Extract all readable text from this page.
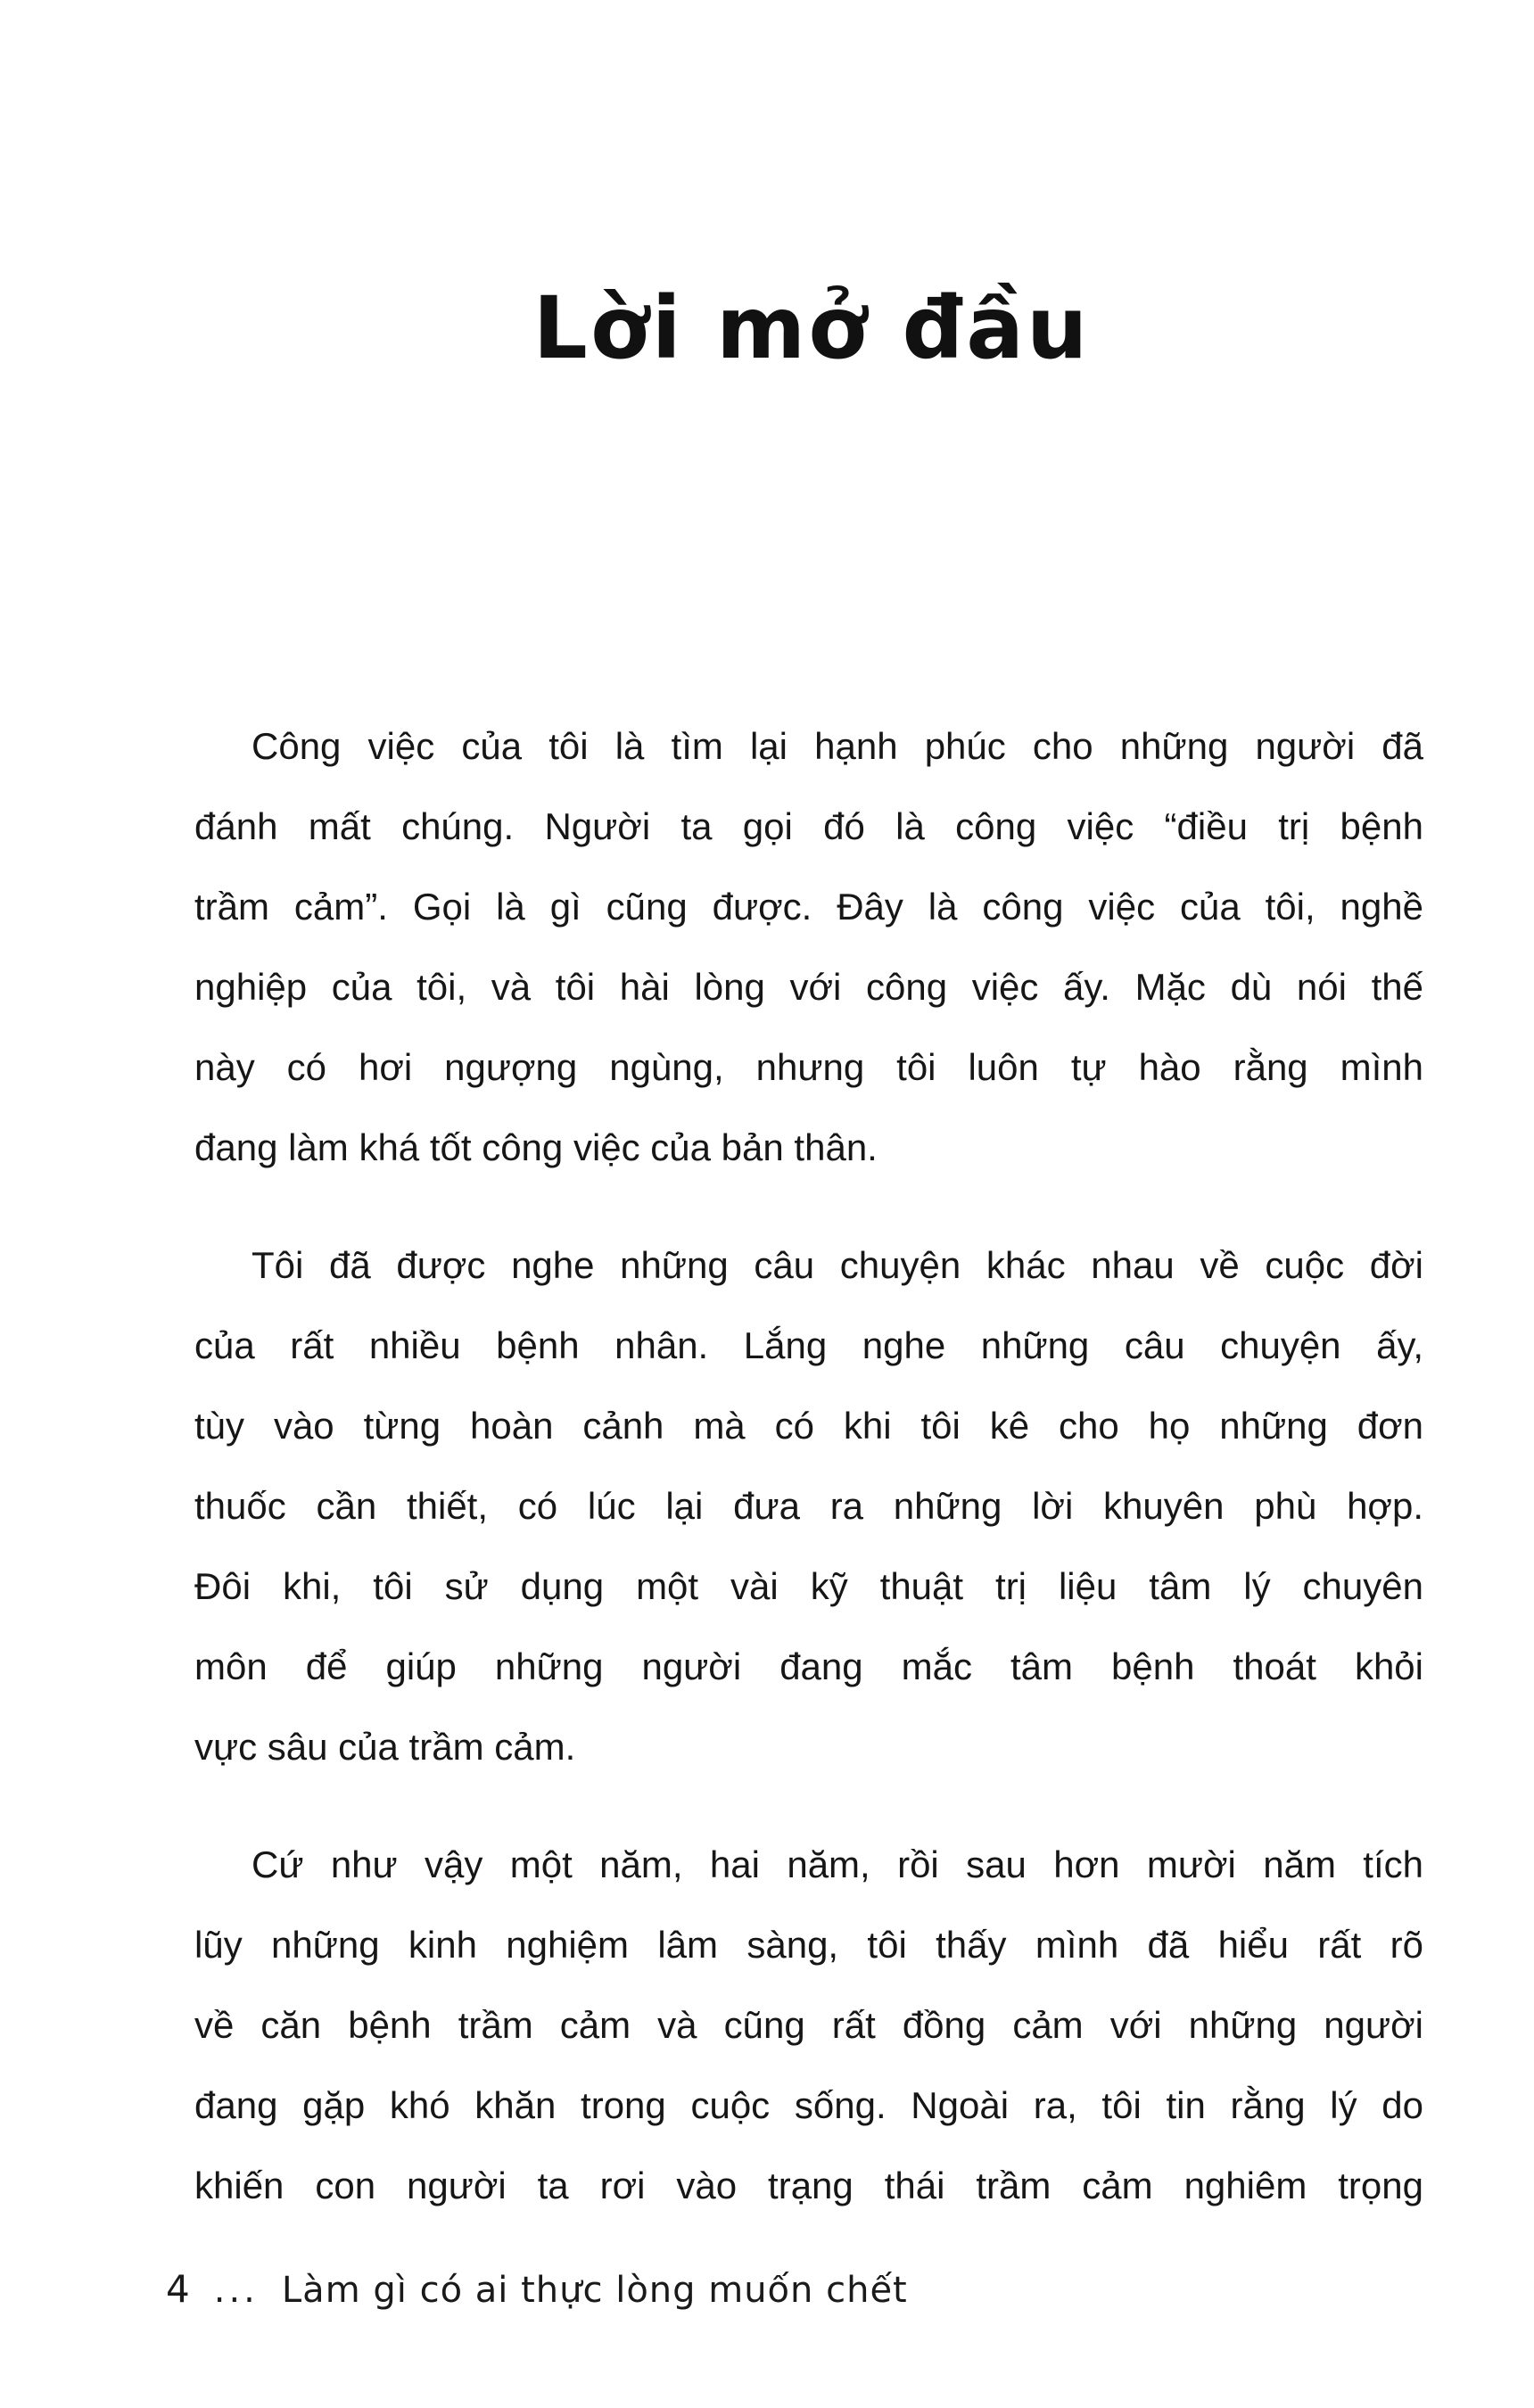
Lời mở đầu
Công việc của tôi là tìm lại hạnh phúc cho những người đã
đánh mất chúng. Người ta gọi đó là công việc “điều trị bệnh
trầm cảm”. Gọi là gì cũng được. Đây là công việc của tôi, nghề
nghiệp của tôi, và tôi hài lòng với công việc ấy. Mặc dù nói thế
này có hơi ngượng ngùng, nhưng tôi luôn tự hào rằng mình
đang làm khá tốt công việc của bản thân.
Tôi đã được nghe những câu chuyện khác nhau về cuộc đời
của rất nhiều bệnh nhân. Lắng nghe những câu chuyện ấy,
tùy vào từng hoàn cảnh mà có khi tôi kê cho họ những đơn
thuốc cần thiết, có lúc lại đưa ra những lời khuyên phù hợp.
Đôi khi, tôi sử dụng một vài kỹ thuật trị liệu tâm lý chuyên
môn để giúp những người đang mắc tâm bệnh thoát khỏi
vực sâu của trầm cảm.
Cứ như vậy một năm, hai năm, rồi sau hơn mười năm tích
lũy những kinh nghiệm lâm sàng, tôi thấy mình đã hiểu rất rõ
về căn bệnh trầm cảm và cũng rất đồng cảm với những người
đang gặp khó khăn trong cuộc sống. Ngoài ra, tôi tin rằng lý do
khiến con người ta rơi vào trạng thái trầm cảm nghiêm trọng
4 ... Làm gì có ai thực lòng muốn chết
